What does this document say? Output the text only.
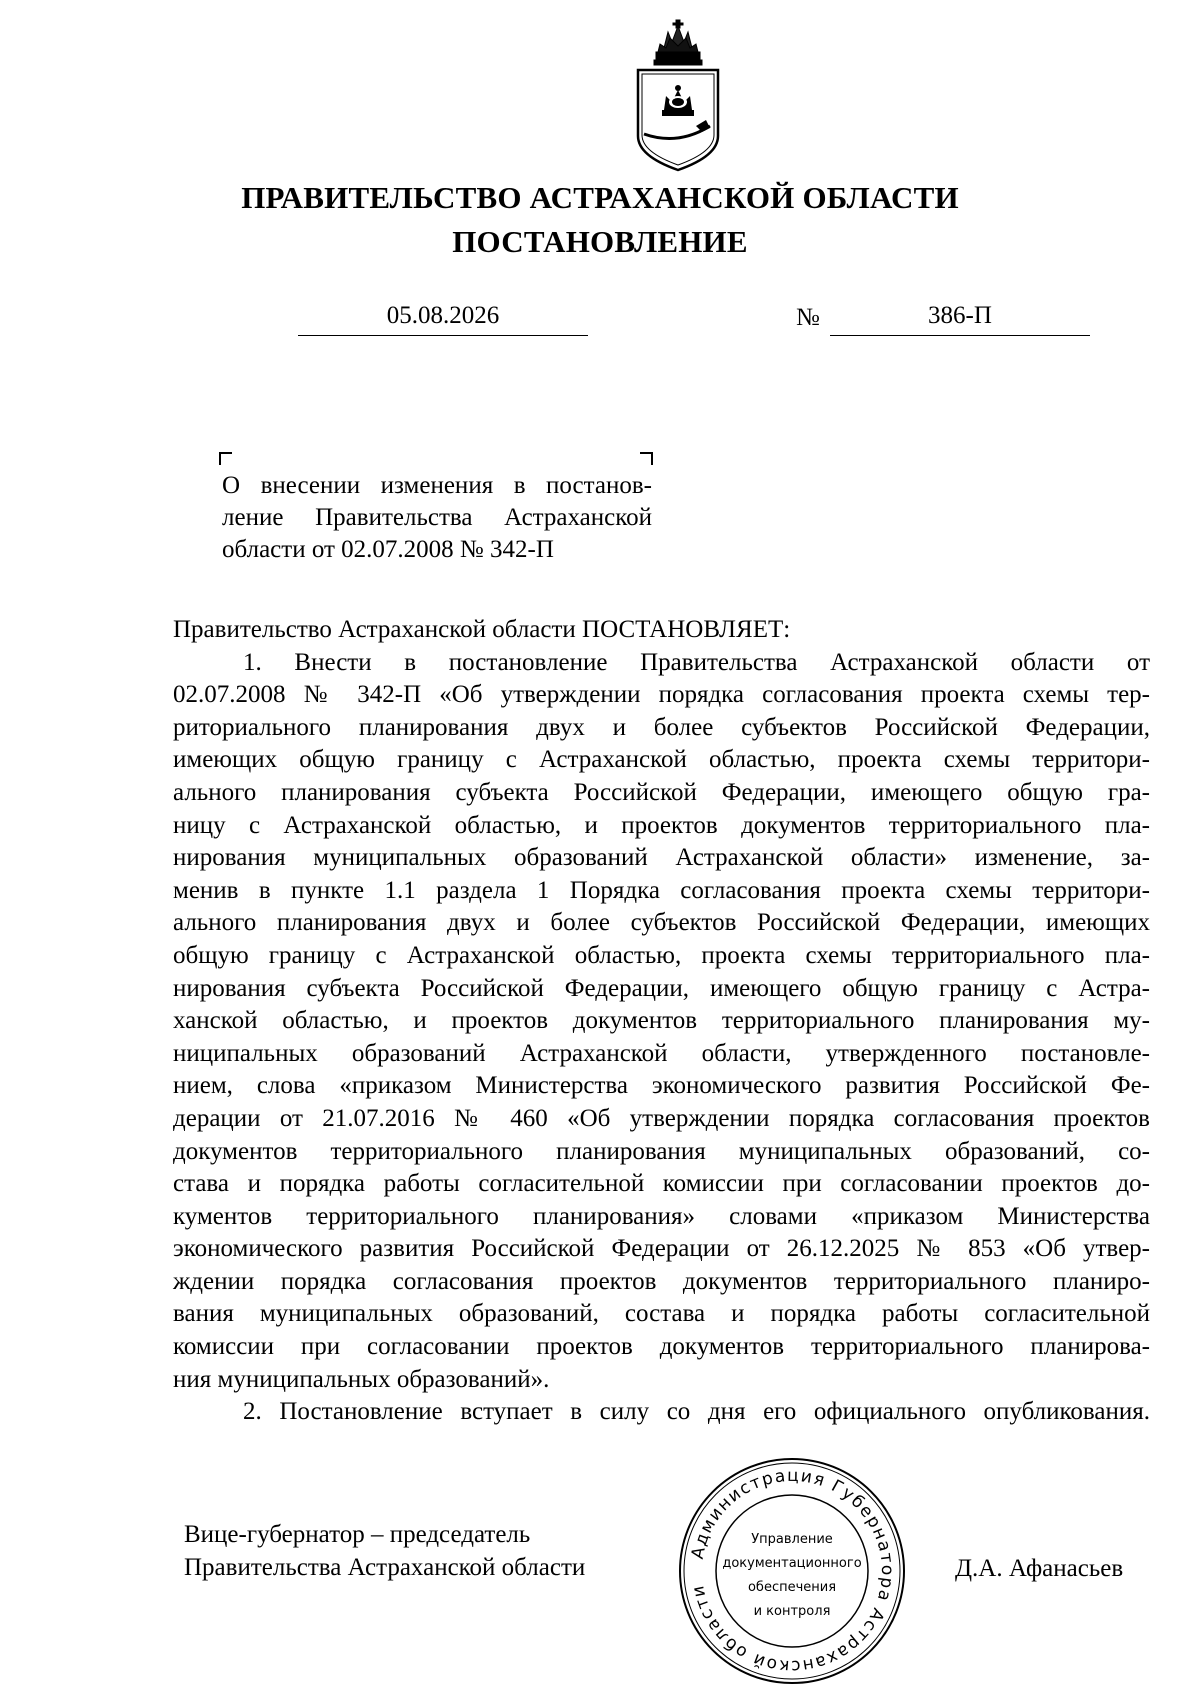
ПРАВИТЕЛЬСТВО АСТРАХАНСКОЙ ОБЛАСТИ
ПОСТАНОВЛЕНИЕ
05.08.2026	№	386-П
О внесении изменения в постанов-
ление Правительства Астраханской
области от 02.07.2008 № 342-П
Правительство Астраханской области ПОСТАНОВЛЯЕТ:
1. Внести в постановление Правительства Астраханской области от
02.07.2008 № 342-П «Об утверждении порядка согласования проекта схемы тер-
риториального планирования двух и более субъектов Российской Федерации,
имеющих общую границу с Астраханской областью, проекта схемы территори-
ального планирования субъекта Российской Федерации, имеющего общую гра-
ницу с Астраханской областью, и проектов документов территориального пла-
нирования муниципальных образований Астраханской области» изменение, за-
менив в пункте 1.1 раздела 1 Порядка согласования проекта схемы территори-
ального планирования двух и более субъектов Российской Федерации, имеющих
общую границу с Астраханской областью, проекта схемы территориального пла-
нирования субъекта Российской Федерации, имеющего общую границу с Астра-
ханской областью, и проектов документов территориального планирования му-
ниципальных образований Астраханской области, утвержденного постановле-
нием, слова «приказом Министерства экономического развития Российской Фе-
дерации от 21.07.2016 № 460 «Об утверждении порядка согласования проектов
документов территориального планирования муниципальных образований, со-
става и порядка работы согласительной комиссии при согласовании проектов до-
кументов территориального планирования» словами «приказом Министерства
экономического развития Российской Федерации от 26.12.2025 № 853 «Об утвер-
ждении порядка согласования проектов документов территориального планиро-
вания муниципальных образований, состава и порядка работы согласительной
комиссии при согласовании проектов документов территориального планирова-
ния муниципальных образований».
2. Постановление вступает в силу со дня его официального опубликования.
Вице-губернатор – председатель
Правительства Астраханской области	Д.А. Афанасьев
Администрация Губернатора Астраханской области
Управление
документационного
обеспечения
и контроля
